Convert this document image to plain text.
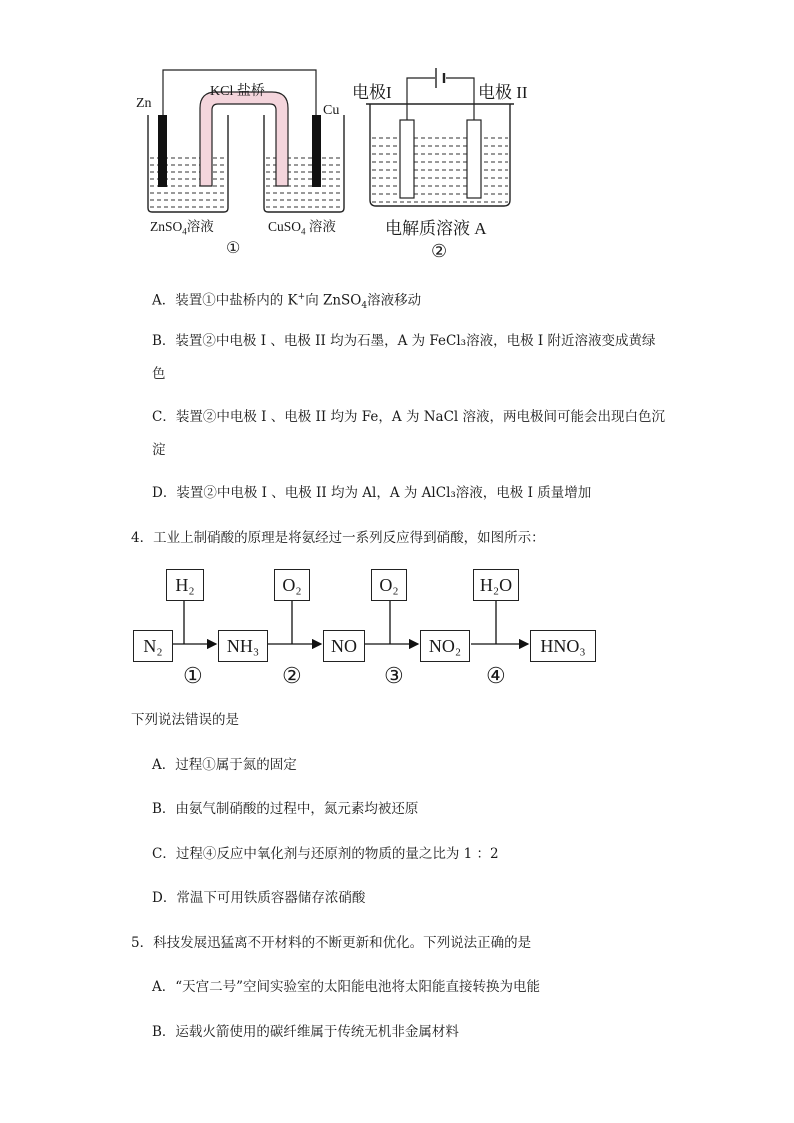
Zn	Cu
KCl 盐桥
ZnSO$_4$溶液	CuSO$_4$ 溶液
①
电极I	电极 II
电解质溶液 A
②
A．装置①中盐桥内的 K+向 ZnSO$_4$溶液移动
B．装置②中电极 I 、电极 II 均为石墨，A 为 FeCl₃溶液，电极 I 附近溶液变成黄绿
色
C．装置②中电极 I 、电极 II 均为 Fe，A 为 NaCl 溶液，两电极间可能会出现白色沉
淀
D．装置②中电极 I 、电极 II 均为 Al，A 为 AlCl₃溶液，电极 I 质量增加
4．工业上制硝酸的原理是将氨经过一系列反应得到硝酸，如图所示：
H₂	O₂	O₂	H₂O
N₂	NH₃	NO	NO₂	HNO₃
①	②	③	④
下列说法错误的是
A．过程①属于氮的固定
B．由氨气制硝酸的过程中，氮元素均被还原
C．过程④反应中氧化剂与还原剂的物质的量之比为 1 ：2
D．常温下可用铁质容器储存浓硝酸
5．科技发展迅猛离不开材料的不断更新和优化。下列说法正确的是
A．“天宫二号”空间实验室的太阳能电池将太阳能直接转换为电能
B．运载火箭使用的碳纤维属于传统无机非金属材料
